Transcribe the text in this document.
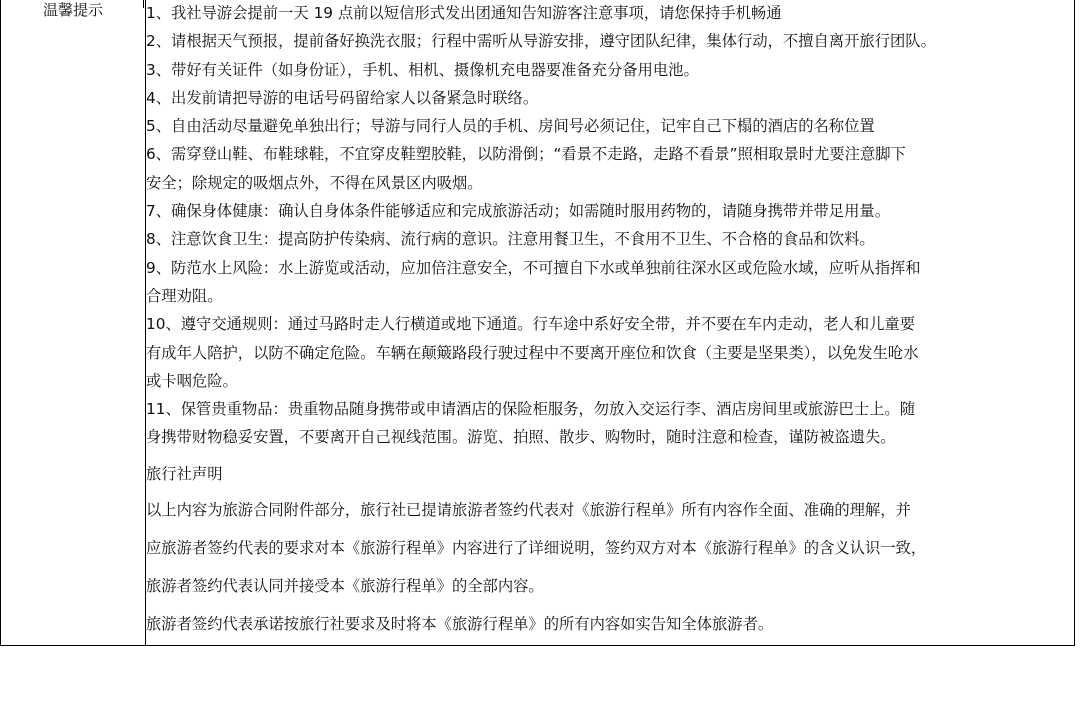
温馨提示	1、我社导游会提前一天 19 点前以短信形式发出团通知告知游客注意事项，请您保持手机畅通
2、请根据天气预报，提前备好换洗衣服；行程中需听从导游安排，遵守团队纪律，集体行动，不擅自离开旅行团队。
3、带好有关证件（如身份证），手机、相机、摄像机充电器要准备充分备用电池。
4、出发前请把导游的电话号码留给家人以备紧急时联络。
5、自由活动尽量避免单独出行；导游与同行人员的手机、房间号必须记住，记牢自己下榻的酒店的名称位置
6、需穿登山鞋、布鞋球鞋，不宜穿皮鞋塑胶鞋，以防滑倒；“看景不走路，走路不看景”照相取景时尤要注意脚下
安全；除规定的吸烟点外，不得在风景区内吸烟。
7、确保身体健康：确认自身体条件能够适应和完成旅游活动；如需随时服用药物的，请随身携带并带足用量。
8、注意饮食卫生：提高防护传染病、流行病的意识。注意用餐卫生，不食用不卫生、不合格的食品和饮料。
9、防范水上风险：水上游览或活动，应加倍注意安全，不可擅自下水或单独前往深水区或危险水域，应听从指挥和
合理劝阻。
10、遵守交通规则：通过马路时走人行横道或地下通道。行车途中系好安全带，并不要在车内走动，老人和儿童要
有成年人陪护，以防不确定危险。车辆在颠簸路段行驶过程中不要离开座位和饮食（主要是坚果类），以免发生呛水
或卡咽危险。
11、保管贵重物品：贵重物品随身携带或申请酒店的保险柜服务，勿放入交运行李、酒店房间里或旅游巴士上。随
身携带财物稳妥安置，不要离开自己视线范围。游览、拍照、散步、购物时，随时注意和检查，谨防被盗遗失。
旅行社声明
以上内容为旅游合同附件部分，旅行社已提请旅游者签约代表对《旅游行程单》所有内容作全面、准确的理解，并
应旅游者签约代表的要求对本《旅游行程单》内容进行了详细说明，签约双方对本《旅游行程单》的含义认识一致，
旅游者签约代表认同并接受本《旅游行程单》的全部内容。
旅游者签约代表承诺按旅行社要求及时将本《旅游行程单》的所有内容如实告知全体旅游者。
